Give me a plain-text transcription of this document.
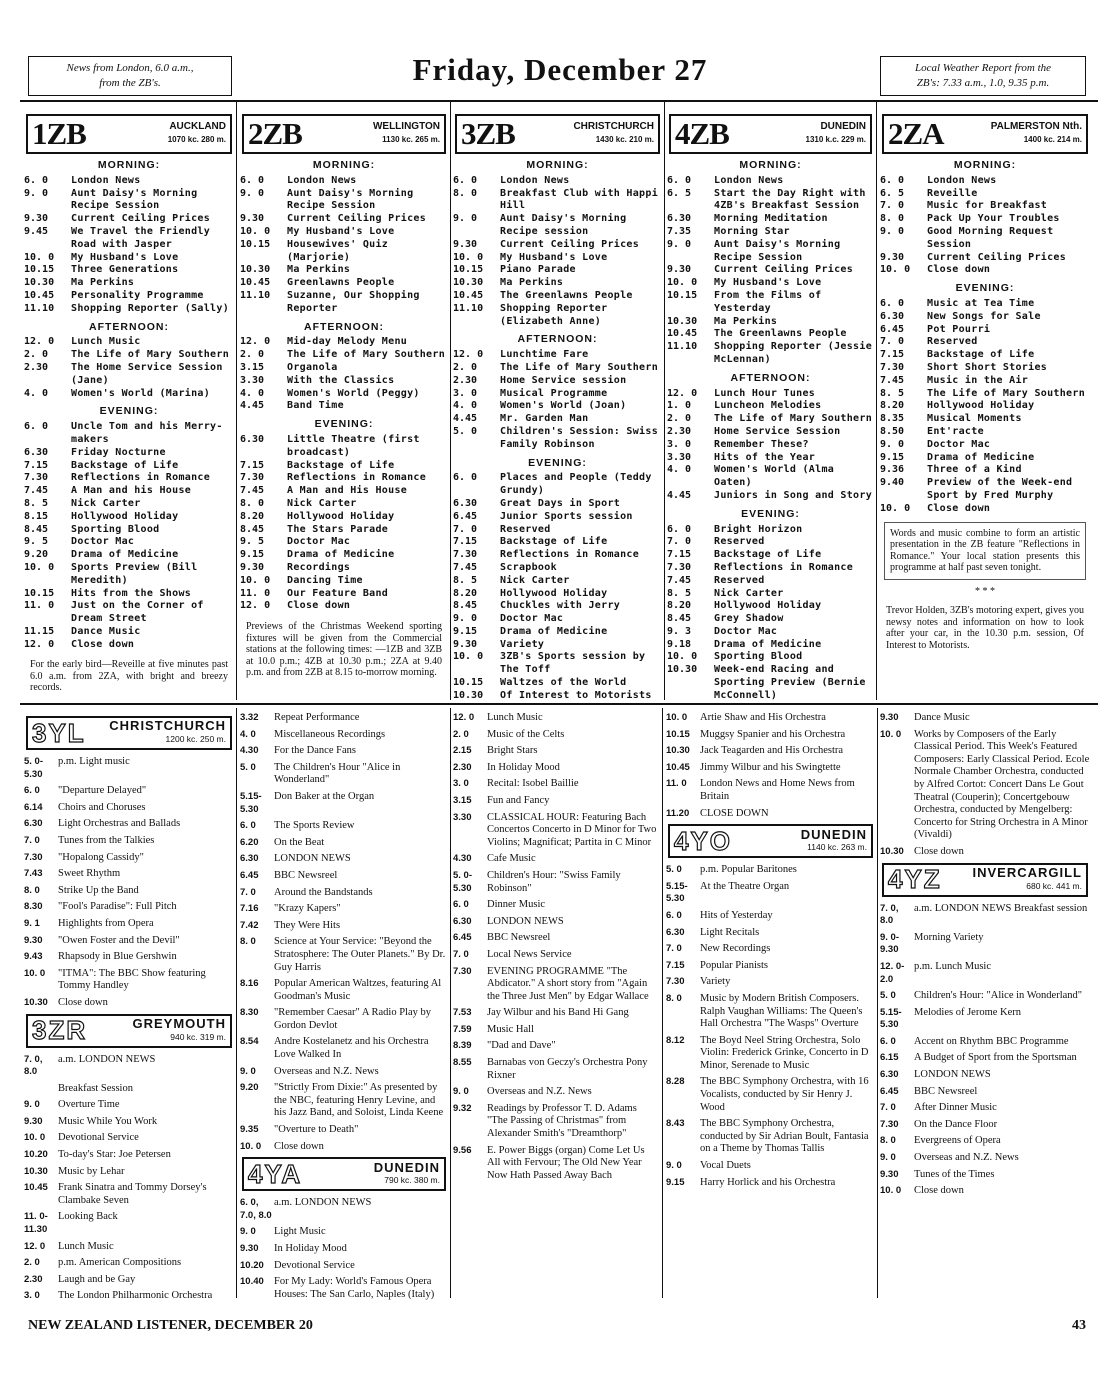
News from London, 6.0 a.m.,
from the ZB's.	Friday, December 27	Local Weather Report from the
ZB's: 7.33 a.m., 1.0, 9.35 p.m.
1ZB	AUCKLAND
1070 kc. 280 m.
MORNING:
6. 0	London News
9. 0	Aunt Daisy's Morning Recipe Session
9.30	Current Ceiling Prices
9.45	We Travel the Friendly Road with Jasper
10. 0	My Husband's Love
10.15	Three Generations
10.30	Ma Perkins
10.45	Personality Programme
11.10	Shopping Reporter (Sally)
AFTERNOON:
12. 0	Lunch Music
2. 0	The Life of Mary Southern
2.30	The Home Service Session (Jane)
4. 0	Women's World (Marina)
EVENING:
6. 0	Uncle Tom and his Merry-makers
6.30	Friday Nocturne
7.15	Backstage of Life
7.30	Reflections in Romance
7.45	A Man and his House
8. 5	Nick Carter
8.15	Hollywood Holiday
8.45	Sporting Blood
9. 5	Doctor Mac
9.20	Drama of Medicine
10. 0	Sports Preview (Bill Meredith)
10.15	Hits from the Shows
11. 0	Just on the Corner of Dream Street
11.15	Dance Music
12. 0	Close down
For the early bird—Reveille at five minutes past 6.0 a.m. from 2ZA, with bright and breezy records.
2ZB	WELLINGTON
1130 kc. 265 m.
MORNING:
6. 0	London News
9. 0	Aunt Daisy's Morning Recipe Session
9.30	Current Ceiling Prices
10. 0	My Husband's Love
10.15	Housewives' Quiz (Marjorie)
10.30	Ma Perkins
10.45	Greenlawns People
11.10	Suzanne, Our Shopping Reporter
AFTERNOON:
12. 0	Mid-day Melody Menu
2. 0	The Life of Mary Southern
3.15	Organola
3.30	With the Classics
4. 0	Women's World (Peggy)
4.45	Band Time
EVENING:
6.30	Little Theatre (first broadcast)
7.15	Backstage of Life
7.30	Reflections in Romance
7.45	A Man and His House
8. 0	Nick Carter
8.20	Hollywood Holiday
8.45	The Stars Parade
9. 5	Doctor Mac
9.15	Drama of Medicine
9.30	Recordings
10. 0	Dancing Time
11. 0	Our Feature Band
12. 0	Close down
Previews of the Christmas Weekend sporting fixtures will be given from the Commercial stations at the following times: —1ZB and 3ZB at 10.0 p.m.; 4ZB at 10.30 p.m.; 2ZA at 9.40 p.m. and from 2ZB at 8.15 to-morrow morning.
3ZB	CHRISTCHURCH
1430 kc. 210 m.
MORNING:
6. 0	London News
8. 0	Breakfast Club with Happi Hill
9. 0	Aunt Daisy's Morning Recipe session
9.30	Current Ceiling Prices
10. 0	My Husband's Love
10.15	Piano Parade
10.30	Ma Perkins
10.45	The Greenlawns People
11.10	Shopping Reporter (Elizabeth Anne)
AFTERNOON:
12. 0	Lunchtime Fare
2. 0	The Life of Mary Southern
2.30	Home Service session
3. 0	Musical Programme
4. 0	Women's World (Joan)
4.45	Mr. Garden Man
5. 0	Children's Session: Swiss Family Robinson
EVENING:
6. 0	Places and People (Teddy Grundy)
6.30	Great Days in Sport
6.45	Junior Sports session
7. 0	Reserved
7.15	Backstage of Life
7.30	Reflections in Romance
7.45	Scrapbook
8. 5	Nick Carter
8.20	Hollywood Holiday
8.45	Chuckles with Jerry
9. 0	Doctor Mac
9.15	Drama of Medicine
9.30	Variety
10. 0	3ZB's Sports session by The Toff
10.15	Waltzes of the World
10.30	Of Interest to Motorists
4ZB	DUNEDIN
1310 k.c. 229 m.
MORNING:
6. 0	London News
6. 5	Start the Day Right with 4ZB's Breakfast Session
6.30	Morning Meditation
7.35	Morning Star
9. 0	Aunt Daisy's Morning Recipe Session
9.30	Current Ceiling Prices
10. 0	My Husband's Love
10.15	From the Films of Yesterday
10.30	Ma Perkins
10.45	The Greenlawns People
11.10	Shopping Reporter (Jessie McLennan)
AFTERNOON:
12. 0	Lunch Hour Tunes
1. 0	Luncheon Melodies
2. 0	The Life of Mary Southern
2.30	Home Service Session
3. 0	Remember These?
3.30	Hits of the Year
4. 0	Women's World (Alma Oaten)
4.45	Juniors in Song and Story
EVENING:
6. 0	Bright Horizon
7. 0	Reserved
7.15	Backstage of Life
7.30	Reflections in Romance
7.45	Reserved
8. 5	Nick Carter
8.20	Hollywood Holiday
8.45	Grey Shadow
9. 3	Doctor Mac
9.18	Drama of Medicine
10. 0	Sporting Blood
10.30	Week-end Racing and Sporting Preview (Bernie McConnell)
2ZA	PALMERSTON Nth.
1400 kc. 214 m.
MORNING:
6. 0	London News
6. 5	Reveille
7. 0	Music for Breakfast
8. 0	Pack Up Your Troubles
9. 0	Good Morning Request Session
9.30	Current Ceiling Prices
10. 0	Close down
EVENING:
6. 0	Music at Tea Time
6.30	New Songs for Sale
6.45	Pot Pourri
7. 0	Reserved
7.15	Backstage of Life
7.30	Short Short Stories
7.45	Music in the Air
8. 5	The Life of Mary Southern
8.20	Hollywood Holiday
8.35	Musical Moments
8.50	Ent'racte
9. 0	Doctor Mac
9.15	Drama of Medicine
9.36	Three of a Kind
9.40	Preview of the Week-end Sport by Fred Murphy
10. 0	Close down
Words and music combine to form an artistic presentation in the ZB feature "Reflections in Romance." Your local station presents this programme at half past seven tonight.
* * *
Trevor Holden, 3ZB's motoring expert, gives you newsy notes and information on how to look after your car, in the 10.30 p.m. session, Of Interest to Motorists.
3YL CHRISTCHURCH
1200 kc. 250 m.
5. 0-5.30
p.m. Light music
6. 0	"Departure Delayed"
6.14	Choirs and Choruses
6.30	Light Orchestras and Ballads
7. 0	Tunes from the Talkies
7.30	"Hopalong Cassidy"
7.43	Sweet Rhythm
8. 0	Strike Up the Band
8.30	"Fool's Paradise": Full Pitch
9. 1	Highlights from Opera
9.30	"Owen Foster and the Devil"
9.43	Rhapsody in Blue Gershwin
10. 0	"ITMA": The BBC Show featuring Tommy Handley
10.30 Close down
3ZR	GREYMOUTH
940 kc. 319 m.
7. 0, 8.0
a.m. LONDON NEWS
Breakfast Session
9. 0	Overture Time
9.30	Music While You Work
10. 0	Devotional Service
10.20 To-day's Star: Joe Petersen
10.30 Music by Lehar
10.45 Frank Sinatra and Tommy Dorsey's Clambake Seven
11. 0-11.30
Looking Back
12. 0	Lunch Music
2. 0	p.m. American Compositions
2.30	Laugh and be Gay
3. 0	The London Philharmonic Orchestra
3.32	Repeat Performance
4. 0	Miscellaneous Recordings
4.30	For the Dance Fans
5. 0	The Children's Hour "Alice in Wonderland"
5.15-5.30
Don Baker at the Organ
6. 0	The Sports Review
6.20	On the Beat
6.30	LONDON NEWS
6.45	BBC Newsreel
7. 0	Around the Bandstands
7.16	"Krazy Kapers"
7.42	They Were Hits
8. 0	Science at Your Service: "Beyond the Stratosphere: The Outer Planets." By Dr. Guy Harris
8.16	Popular American Waltzes, featuring Al Goodman's Music
8.30	"Remember Caesar" A Radio Play by Gordon Devlot
8.54	Andre Kostelanetz and his Orchestra Love Walked In
9. 0	Overseas and N.Z. News
9.20	"Strictly From Dixie:" As presented by the NBC, featuring Henry Levine, and his Jazz Band, and Soloist, Linda Keene
9.35	"Overture to Death"
10. 0	Close down
4YA	DUNEDIN
790 kc. 380 m.
6. 0, 7.0, 8.0
a.m. LONDON NEWS
9. 0	Light Music
9.30	In Holiday Mood
10.20 Devotional Service
10.40 For My Lady: World's Famous Opera Houses: The San Carlo, Naples (Italy)
12. 0	Lunch Music
2. 0	Music of the Celts
2.15	Bright Stars
2.30	In Holiday Mood
3. 0	Recital: Isobel Baillie
3.15	Fun and Fancy
3.30	CLASSICAL HOUR: Featuring Bach Concertos Concerto in D Minor for Two Violins; Magnificat; Partita in C Minor
4.30	Cafe Music
5. 0-5.30
Children's Hour: "Swiss Family Robinson"
6. 0	Dinner Music
6.30	LONDON NEWS
6.45	BBC Newsreel
7. 0	Local News Service
7.30	EVENING PROGRAMME "The Abdicator." A short story from "Again the Three Just Men" by Edgar Wallace
7.53	Jay Wilbur and his Band Hi Gang
7.59	Music Hall
8.39	"Dad and Dave"
8.55	Barnabas von Geczy's Orchestra Pony Rixner
9. 0	Overseas and N.Z. News
9.32	Readings by Professor T. D. Adams "The Passing of Christmas" from Alexander Smith's "Dreamthorp"
9.56	E. Power Biggs (organ) Come Let Us All with Fervour; The Old New Year Now Hath Passed Away Bach
10. 0	Artie Shaw and His Orchestra
10.15 Muggsy Spanier and his Orchestra
10.30 Jack Teagarden and His Orchestra
10.45 Jimmy Wilbur and his Swingtette
11. 0	London News and Home News from Britain
11.20	CLOSE DOWN
4YO	DUNEDIN
1140 kc. 263 m.
5. 0	p.m. Popular Baritones
5.15-5.30
At the Theatre Organ
6. 0	Hits of Yesterday
6.30	Light Recitals
7. 0	New Recordings
7.15	Popular Pianists
7.30	Variety
8. 0	Music by Modern British Composers. Ralph Vaughan Williams: The Queen's Hall Orchestra "The Wasps" Overture
8.12	The Boyd Neel String Orchestra, Solo Violin: Frederick Grinke, Concerto in D Minor, Serenade to Music
8.28	The BBC Symphony Orchestra, with 16 Vocalists, conducted by Sir Henry J. Wood
8.43	The BBC Symphony Orchestra, conducted by Sir Adrian Boult, Fantasia on a Theme by Thomas Tallis
9. 0	Vocal Duets
9.15	Harry Horlick and his Orchestra
9.30	Dance Music
10. 0	Works by Composers of the Early Classical Period. This Week's Featured Composers: Early Classical Period. Ecole Normale Chamber Orchestra, conducted by Alfred Cortot: Concert Dans Le Gout Theatral (Couperin); Concertgebouw Orchestra, conducted by Mengelberg: Concerto for String Orchestra in A Minor (Vivaldi)
10.30 Close down
4YZ INVERCARGILL
680 kc. 441 m.
7. 0, 8.0
a.m. LONDON NEWS Breakfast session
9. 0-9.30
Morning Variety
12. 0-2.0
p.m. Lunch Music
5. 0	Children's Hour: "Alice in Wonderland"
5.15-5.30
Melodies of Jerome Kern
6. 0	Accent on Rhythm BBC Programme
6.15	A Budget of Sport from the Sportsman
6.30	LONDON NEWS
6.45	BBC Newsreel
7. 0	After Dinner Music
7.30	On the Dance Floor
8. 0	Evergreens of Opera
9. 0	Overseas and N.Z. News
9.30	Tunes of the Times
10. 0	Close down
NEW ZEALAND LISTENER, DECEMBER 20	43
